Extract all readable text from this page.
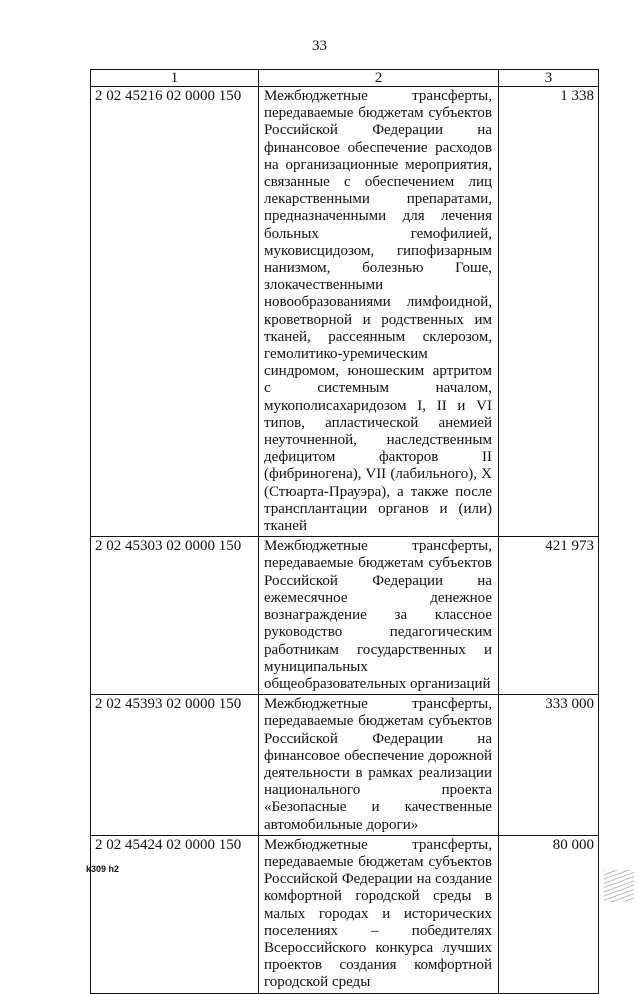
33
1	2	3
2 02 45216 02 0000 150	Межбюджетные трансферты, передаваемые бюджетам субъектов Российской Федерации на финансовое обеспечение расходов на организационные мероприятия, связанные с обеспечением лиц лекарственными препаратами, предназначенными для лечения больных гемофилией, муковисцидозом, гипофизарным нанизмом, болезнью Гоше, злокачественными новообразованиями лимфоидной, кроветворной и родственных им тканей, рассеянным склерозом, гемолитико-уремическим синдромом, юношеским артритом с системным началом, мукополисахаридозом I, II и VI типов, апластической анемией неуточненной, наследственным дефицитом факторов II (фибриногена), VII (лабильного), X (Стюарта-Прауэра), а также после трансплантации органов и (или) тканей	1 338
2 02 45303 02 0000 150	Межбюджетные трансферты, передаваемые бюджетам субъектов Российской Федерации на ежемесячное денежное вознаграждение за классное руководство педагогическим работникам государственных и муниципальных общеобразовательных организаций	421 973
2 02 45393 02 0000 150	Межбюджетные трансферты, передаваемые бюджетам субъектов Российской Федерации на финансовое обеспечение дорожной деятельности в рамках реализации национального проекта «Безопасные и качественные автомобильные дороги»	333 000
2 02 45424 02 0000 150	Межбюджетные трансферты, передаваемые бюджетам субъектов Российской Федерации на создание комфортной городской среды в малых городах и исторических поселениях – победителях Всероссийского конкурса лучших проектов создания комфортной городской среды	80 000
k309 h2
